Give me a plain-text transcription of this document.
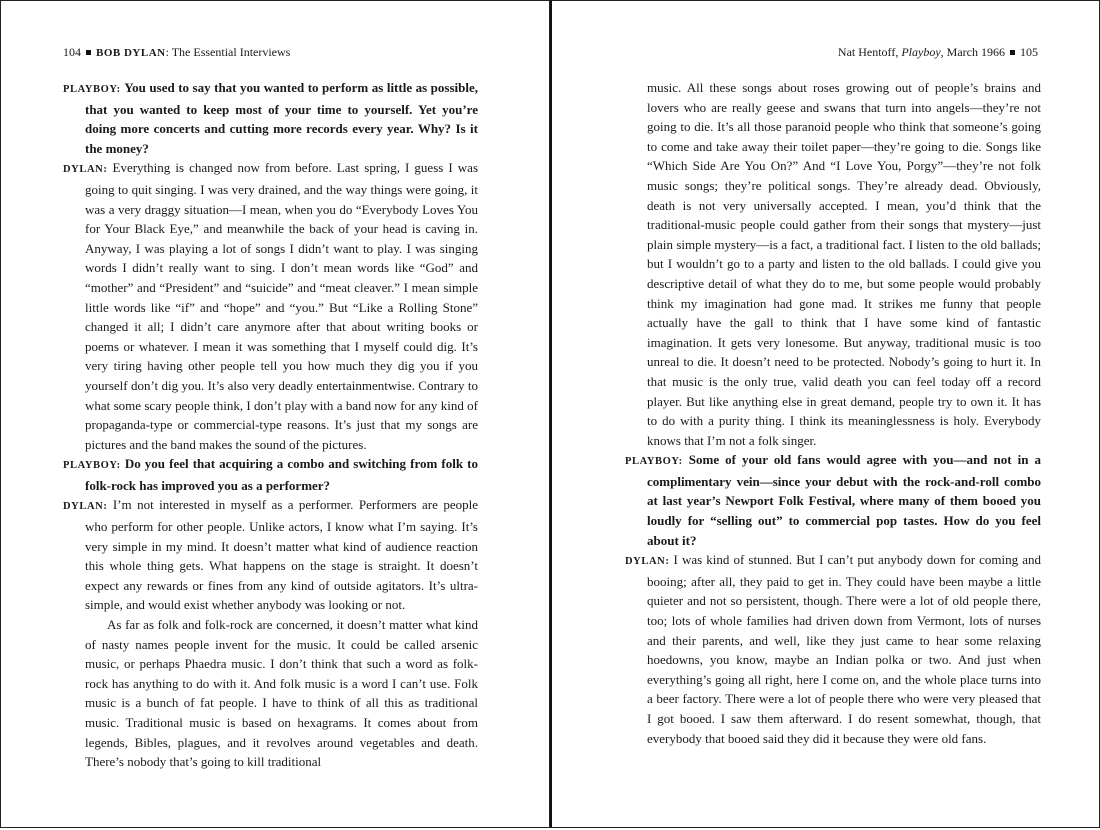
104 BOB DYLAN: The Essential Interviews

PLAYBOY: You used to say that you wanted to perform as little as possible, that you wanted to keep most of your time to yourself. Yet you’re doing more concerts and cutting more records every year. Why? Is it the money?

DYLAN: Everything is changed now from before. Last spring, I guess I was going to quit singing. I was very drained, and the way things were going, it was a very draggy situation—I mean, when you do “Everybody Loves You for Your Black Eye,” and meanwhile the back of your head is caving in. Anyway, I was playing a lot of songs I didn’t want to play. I was singing words I didn’t really want to sing. I don’t mean words like “God” and “mother” and “President” and “suicide” and “meat cleaver.” I mean simple little words like “if” and “hope” and “you.” But “Like a Rolling Stone” changed it all; I didn’t care anymore after that about writing books or poems or whatever. I mean it was something that I myself could dig. It’s very tiring having other people tell you how much they dig you if you yourself don’t dig you. It’s also very deadly entertainmentwise. Contrary to what some scary people think, I don’t play with a band now for any kind of propaganda-type or commercial-type reasons. It’s just that my songs are pictures and the band makes the sound of the pictures.

PLAYBOY: Do you feel that acquiring a combo and switching from folk to folk-rock has improved you as a performer?

DYLAN: I’m not interested in myself as a performer. Performers are people who perform for other people. Unlike actors, I know what I’m saying. It’s very simple in my mind. It doesn’t matter what kind of audience reaction this whole thing gets. What happens on the stage is straight. It doesn’t expect any rewards or fines from any kind of outside agitators. It’s ultra-simple, and would exist whether anybody was looking or not.

As far as folk and folk-rock are concerned, it doesn’t matter what kind of nasty names people invent for the music. It could be called arsenic music, or perhaps Phaedra music. I don’t think that such a word as folk-rock has anything to do with it. And folk music is a word I can’t use. Folk music is a bunch of fat people. I have to think of all this as traditional music. Traditional music is based on hexagrams. It comes about from legends, Bibles, plagues, and it revolves around vegetables and death. There’s nobody that’s going to kill traditional

Nat Hentoff, Playboy, March 1966 105

music. All these songs about roses growing out of people’s brains and lovers who are really geese and swans that turn into angels—they’re not going to die. It’s all those paranoid people who think that someone’s going to come and take away their toilet paper—they’re going to die. Songs like “Which Side Are You On?” And “I Love You, Porgy”—they’re not folk music songs; they’re political songs. They’re already dead. Obviously, death is not very universally accepted. I mean, you’d think that the traditional-music people could gather from their songs that mystery—just plain simple mystery—is a fact, a traditional fact. I listen to the old ballads; but I wouldn’t go to a party and listen to the old ballads. I could give you descriptive detail of what they do to me, but some people would probably think my imagination had gone mad. It strikes me funny that people actually have the gall to think that I have some kind of fantastic imagination. It gets very lonesome. But anyway, traditional music is too unreal to die. It doesn’t need to be protected. Nobody’s going to hurt it. In that music is the only true, valid death you can feel today off a record player. But like anything else in great demand, people try to own it. It has to do with a purity thing. I think its meaninglessness is holy. Everybody knows that I’m not a folk singer.

PLAYBOY: Some of your old fans would agree with you—and not in a complimentary vein—since your debut with the rock-and-roll combo at last year’s Newport Folk Festival, where many of them booed you loudly for “selling out” to commercial pop tastes. How do you feel about it?

DYLAN: I was kind of stunned. But I can’t put anybody down for coming and booing; after all, they paid to get in. They could have been maybe a little quieter and not so persistent, though. There were a lot of old people there, too; lots of whole families had driven down from Vermont, lots of nurses and their parents, and well, like they just came to hear some relaxing hoedowns, you know, maybe an Indian polka or two. And just when everything’s going all right, here I come on, and the whole place turns into a beer factory. There were a lot of people there who were very pleased that I got booed. I saw them afterward. I do resent somewhat, though, that everybody that booed said they did it because they were old fans.
